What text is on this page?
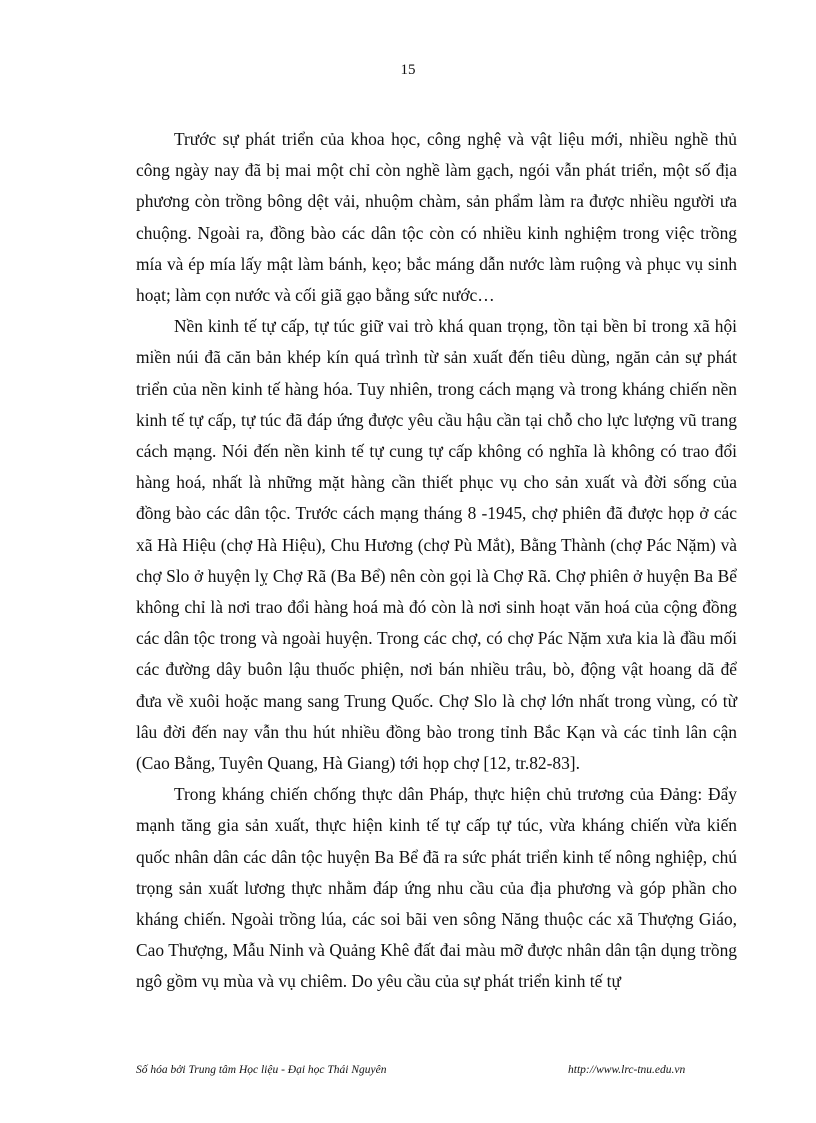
15

Trước sự phát triển của khoa học, công nghệ và vật liệu mới, nhiều nghề thủ công ngày nay đã bị mai một chỉ còn nghề làm gạch, ngói vẫn phát triển, một số địa phương còn trồng bông dệt vải, nhuộm chàm, sản phẩm làm ra được nhiều người ưa chuộng. Ngoài ra, đồng bào các dân tộc còn có nhiều kinh nghiệm trong việc trồng mía và ép mía lấy mật làm bánh, kẹo; bắc máng dẫn nước làm ruộng và phục vụ sinh hoạt; làm cọn nước và cối giã gạo bằng sức nước…

Nền kinh tế tự cấp, tự túc giữ vai trò khá quan trọng, tồn tại bền bỉ trong xã hội miền núi đã căn bản khép kín quá trình từ sản xuất đến tiêu dùng, ngăn cản sự phát triển của nền kinh tế hàng hóa. Tuy nhiên, trong cách mạng và trong kháng chiến nền kinh tế tự cấp, tự túc đã đáp ứng được yêu cầu hậu cần tại chỗ cho lực lượng vũ trang cách mạng. Nói đến nền kinh tế tự cung tự cấp không có nghĩa là không có trao đổi hàng hoá, nhất là những mặt hàng cần thiết phục vụ cho sản xuất và đời sống của đồng bào các dân tộc. Trước cách mạng tháng 8 -1945, chợ phiên đã được họp ở các xã Hà Hiệu (chợ Hà Hiệu), Chu Hương (chợ Pù Mắt), Bằng Thành (chợ Pác Nặm) và chợ Slo ở huyện lỵ Chợ Rã (Ba Bể) nên còn gọi là Chợ Rã. Chợ phiên ở huyện Ba Bể không chỉ là nơi trao đổi hàng hoá mà đó còn là nơi sinh hoạt văn hoá của cộng đồng các dân tộc trong và ngoài huyện. Trong các chợ, có chợ Pác Nặm xưa kia là đầu mối các đường dây buôn lậu thuốc phiện, nơi bán nhiều trâu, bò, động vật hoang dã để đưa về xuôi hoặc mang sang Trung Quốc. Chợ Slo là chợ lớn nhất trong vùng, có từ lâu đời đến nay vẫn thu hút nhiều đồng bào trong tỉnh Bắc Kạn và các tỉnh lân cận (Cao Bằng, Tuyên Quang, Hà Giang) tới họp chợ [12, tr.82-83].

Trong kháng chiến chống thực dân Pháp, thực hiện chủ trương của Đảng: Đẩy mạnh tăng gia sản xuất, thực hiện kinh tế tự cấp tự túc, vừa kháng chiến vừa kiến quốc nhân dân các dân tộc huyện Ba Bể đã ra sức phát triển kinh tế nông nghiệp, chú trọng sản xuất lương thực nhằm đáp ứng nhu cầu của địa phương và góp phần cho kháng chiến. Ngoài trồng lúa, các soi bãi ven sông Năng thuộc các xã Thượng Giáo, Cao Thượng, Mẫu Ninh và Quảng Khê đất đai màu mỡ được nhân dân tận dụng trồng ngô gồm vụ mùa và vụ chiêm. Do yêu cầu của sự phát triển kinh tế tự

Số hóa bởi Trung tâm Học liệu - Đại học Thái Nguyên	http://www.lrc-tnu.edu.vn
